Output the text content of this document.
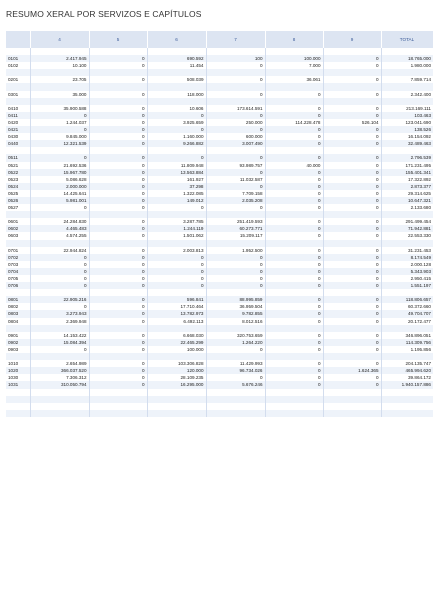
RESUMO XERAL POR SERVIZOS E CAPÍTULOS
	4	5	6	7	8	9	TOTAL

0101	2.417.945	0	690.592	100	100.000	0	18.765.000
0102	10.100	0	11.454	0	7.000	0	1.980.000

0201	23.705	0	508.039	0	36.061	0	7.859.714

0301	35.000	0	118.000	0	0	0	2.342.400

0410	35.900.588	0	10.606	173.614.591	0	0	213.169.111
0411	0	0	0	0	0	0	103.463
0420	1.244.037	0	3.925.659	250.000	114.228.478	526.104	123.041.690
0421	0	0	0	0	0	0	138.526
0430	9.845.000	0	1.160.000	600.000	0	0	16.154.092
0440	12.321.539	0	9.266.882	3.007.490	0	0	32.489.463

0511	0	0	0	0	0	0	2.796.539
0521	21.692.536	0	11.809.948	93.989.757	40.000	0	171.231.495
0522	15.967.780	0	13.563.884	0	0	0	155.401.341
0523	5.086.628	0	161.927	11.032.587	0	0	17.322.892
0524	2.000.000	0	37.298	0	0	0	2.873.377
0525	14.425.641	0	1.322.085	7.709.158	0	0	29.314.625
0526	5.981.001	0	149.012	2.035.208	0	0	10.647.321
0527	0	0	0	0	0	0	2.133.680

0601	24.284.830	0	3.287.785	251.419.593	0	0	291.499.454
0602	4.465.483	0	1.244.119	60.273.771	0	0	71.942.881
0603	4.574.255	0	1.501.062	15.209.117	0	0	22.553.330

0701	22.944.824	0	2.003.813	1.952.500	0	0	31.231.453
0702	0	0	0	0	0	0	8.174.549
0703	0	0	0	0	0	0	2.000.128
0704	0	0	0	0	0	0	5.343.903
0705	0	0	0	0	0	0	2.950.415
0706	0	0	0	0	0	0	1.551.197

0801	22.905.216	0	596.841	88.995.859	0	0	118.806.657
0802	0	0	17.710.464	36.959.504	0	0	60.372.660
0803	3.273.943	0	13.782.973	9.782.855	0	0	49.704.707
0804	2.369.948	0	6.492.113	8.012.516	0	0	20.172.477

0901	14.153.422	0	6.668.030	320.753.659	0	0	346.896.051
0902	15.084.394	0	22.465.299	1.264.220	0	0	114.309.756
0903	0	0	100.000	0	0	0	1.195.856

1010	2.654.989	0	103.306.828	11.429.993	0	0	204.135.747
1020	366.037.520	0	120.000	96.734.026	0	1.624.365	465.994.620
1030	7.306.312	0	28.109.235	0	0	0	39.864.172
1031	310.050.794	0	16.295.000	5.676.246	0	0	1.940.157.886
